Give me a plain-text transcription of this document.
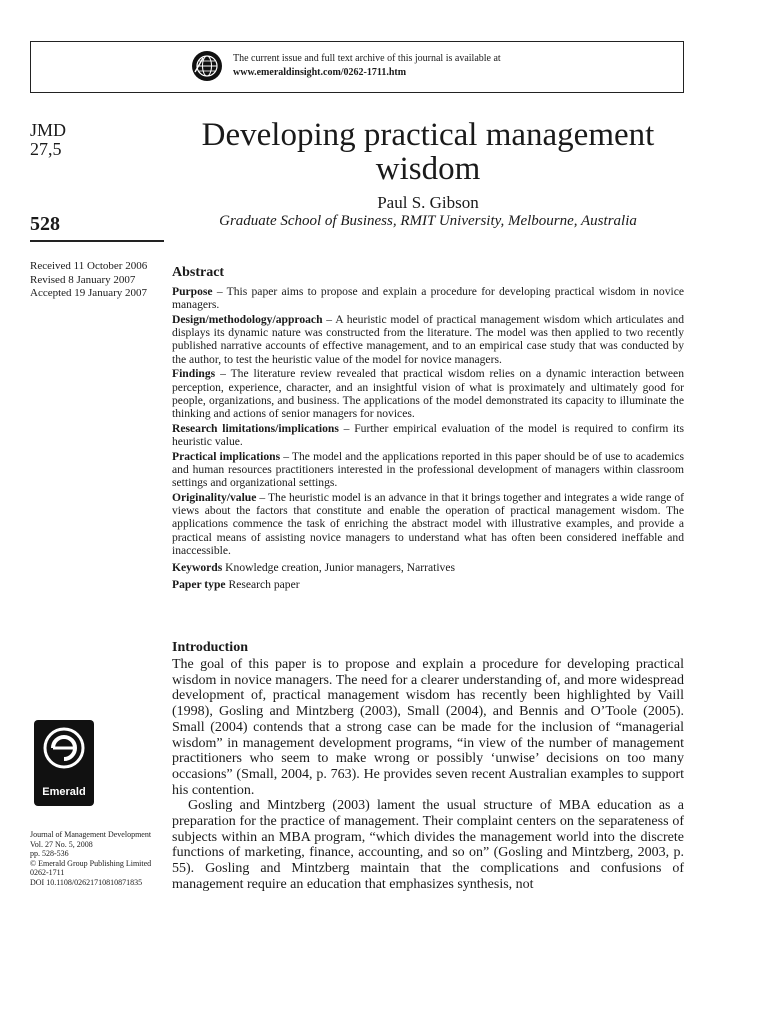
The current issue and full text archive of this journal is available at
www.emeraldinsight.com/0262-1711.htm
JMD
27,5
528
Received 11 October 2006
Revised 8 January 2007
Accepted 19 January 2007
Developing practical management wisdom
Paul S. Gibson
Graduate School of Business, RMIT University, Melbourne, Australia
Abstract

Purpose – This paper aims to propose and explain a procedure for developing practical wisdom in novice managers.

Design/methodology/approach – A heuristic model of practical management wisdom which articulates and displays its dynamic nature was constructed from the literature. The model was then applied to two recently published narrative accounts of effective management, and to an empirical case study that was conducted by the author, to test the heuristic value of the model for novice managers.

Findings – The literature review revealed that practical wisdom relies on a dynamic interaction between perception, experience, character, and an insightful vision of what is proximately and ultimately good for people, organizations, and business. The applications of the model demonstrated its capacity to illuminate the thinking and actions of senior managers for novices.

Research limitations/implications – Further empirical evaluation of the model is required to confirm its heuristic value.

Practical implications – The model and the applications reported in this paper should be of use to academics and human resources practitioners interested in the professional development of managers within classroom settings and organizational settings.

Originality/value – The heuristic model is an advance in that it brings together and integrates a wide range of views about the factors that constitute and enable the operation of practical management wisdom. The applications commence the task of enriching the abstract model with illustrative examples, and provide a practical means of assisting novice managers to understand what has often been considered ineffable and inaccessible.

Keywords Knowledge creation, Junior managers, Narratives

Paper type Research paper

Introduction

The goal of this paper is to propose and explain a procedure for developing practical wisdom in novice managers. The need for a clearer understanding of, and more widespread development of, practical management wisdom has recently been highlighted by Vaill (1998), Gosling and Mintzberg (2003), Small (2004), and Bennis and O’Toole (2005). Small (2004) contends that a strong case can be made for the inclusion of “managerial wisdom” in management development programs, “in view of the number of management practitioners who seem to make wrong or possibly ‘unwise’ decisions on too many occasions” (Small, 2004, p. 763). He provides seven recent Australian examples to support his contention.

Gosling and Mintzberg (2003) lament the usual structure of MBA education as a preparation for the practice of management. Their complaint centers on the separateness of subjects within an MBA program, “which divides the management world into the discrete functions of marketing, finance, accounting, and so on” (Gosling and Mintzberg, 2003, p. 55). Gosling and Mintzberg maintain that the complications and confusions of management require an education that emphasizes synthesis, not

Emerald
Journal of Management Development
Vol. 27 No. 5, 2008
pp. 528-536
© Emerald Group Publishing Limited
0262-1711
DOI 10.1108/02621710810871835
